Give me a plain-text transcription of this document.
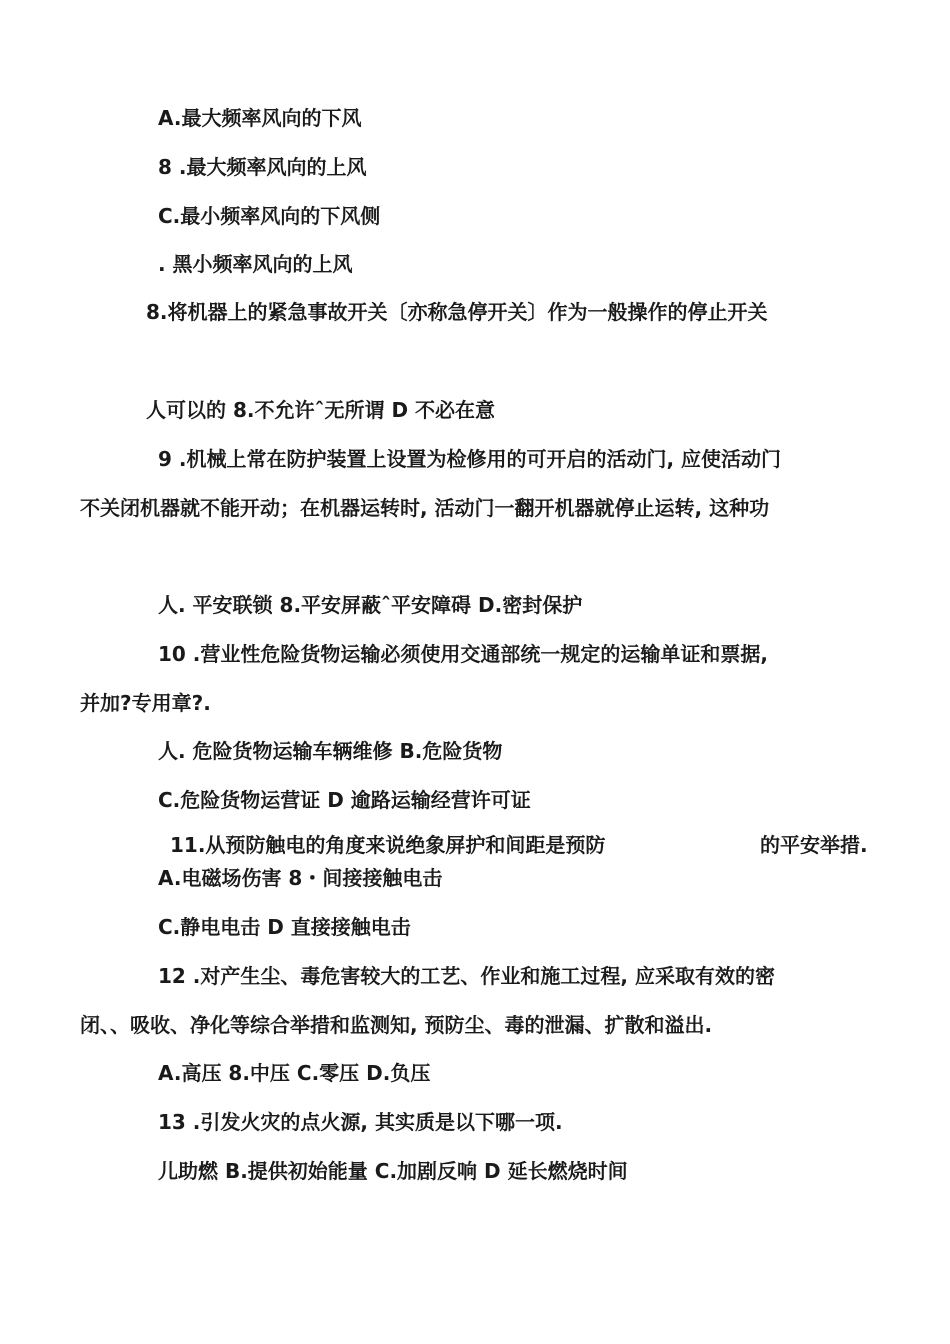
A.最大频率风向的下风

8 .最大频率风向的上风

C.最小频率风向的下风侧

. 黑小频率风向的上风

8.将机器上的紧急事故开关〔亦称急停开关〕作为一般操作的停止开关

人可以的 8.不允许ˆ无所谓 D 不必在意

9 .机械上常在防护装置上设置为检修用的可开启的活动门, 应使活动门

不关闭机器就不能开动；在机器运转时, 活动门一翻开机器就停止运转, 这种功

人. 平安联锁 8.平安屏蔽ˆ平安障碍 D.密封保护

10 .营业性危险货物运输必须使用交通部统一规定的运输单证和票据,

并加?专用章?.

人. 危险货物运输车辆维修 B.危险货物

C.危险货物运营证 D 逾路运输经营许可证

11.从预防触电的角度来说绝象屏护和间距是预防	的平安举措.

A.电磁场伤害 8・间接接触电击

C.静电电击 D 直接接触电击

12 .对产生尘、毒危害较大的工艺、作业和施工过程, 应采取有效的密

闭、、吸收、净化等综合举措和监测知, 预防尘、毒的泄漏、扩散和溢出.

A.高压 8.中压 C.零压 D.负压

13 .引发火灾的点火源, 其实质是以下哪一项.

儿助燃 B.提供初始能量 C.加剧反响 D 延长燃烧时间
